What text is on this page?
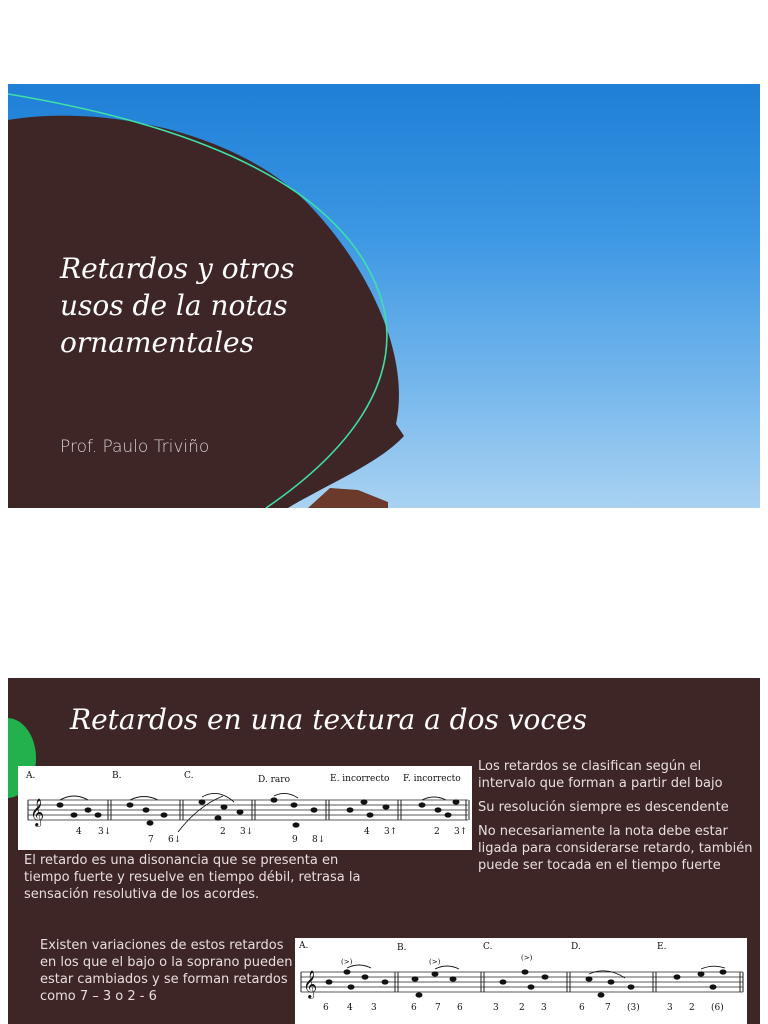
Retardos y otros usos de la notas ornamentales
Prof. Paulo Triviño
Retardos en una textura a dos voces
A.	B.	C.	D. raro	E. incorrecto F. incorrecto
𝄞
4 3↓
7 6↓
2 3↓
9 8↓
4 3↑	2 3↑
El retardo es una disonancia que se presenta en tiempo fuerte y resuelve en tiempo débil, retrasa la sensación resolutiva de los acordes.
Los retardos se clasifican según el intervalo que forman a partir del bajo
Su resolución siempre es descendente
No necesariamente la nota debe estar ligada para considerarse retardo, también puede ser tocada en el tiempo fuerte
Existen variaciones de estos retardos en los que el bajo o la soprano pueden estar cambiados y se forman retardos como 7 – 3 o 2 - 6
A.	B.	C.	D.	E.
(>)	(>)	(>)
𝄞
6 4 3	6 7 6	3 2 3	6 7 (3)	3 2 (6)
